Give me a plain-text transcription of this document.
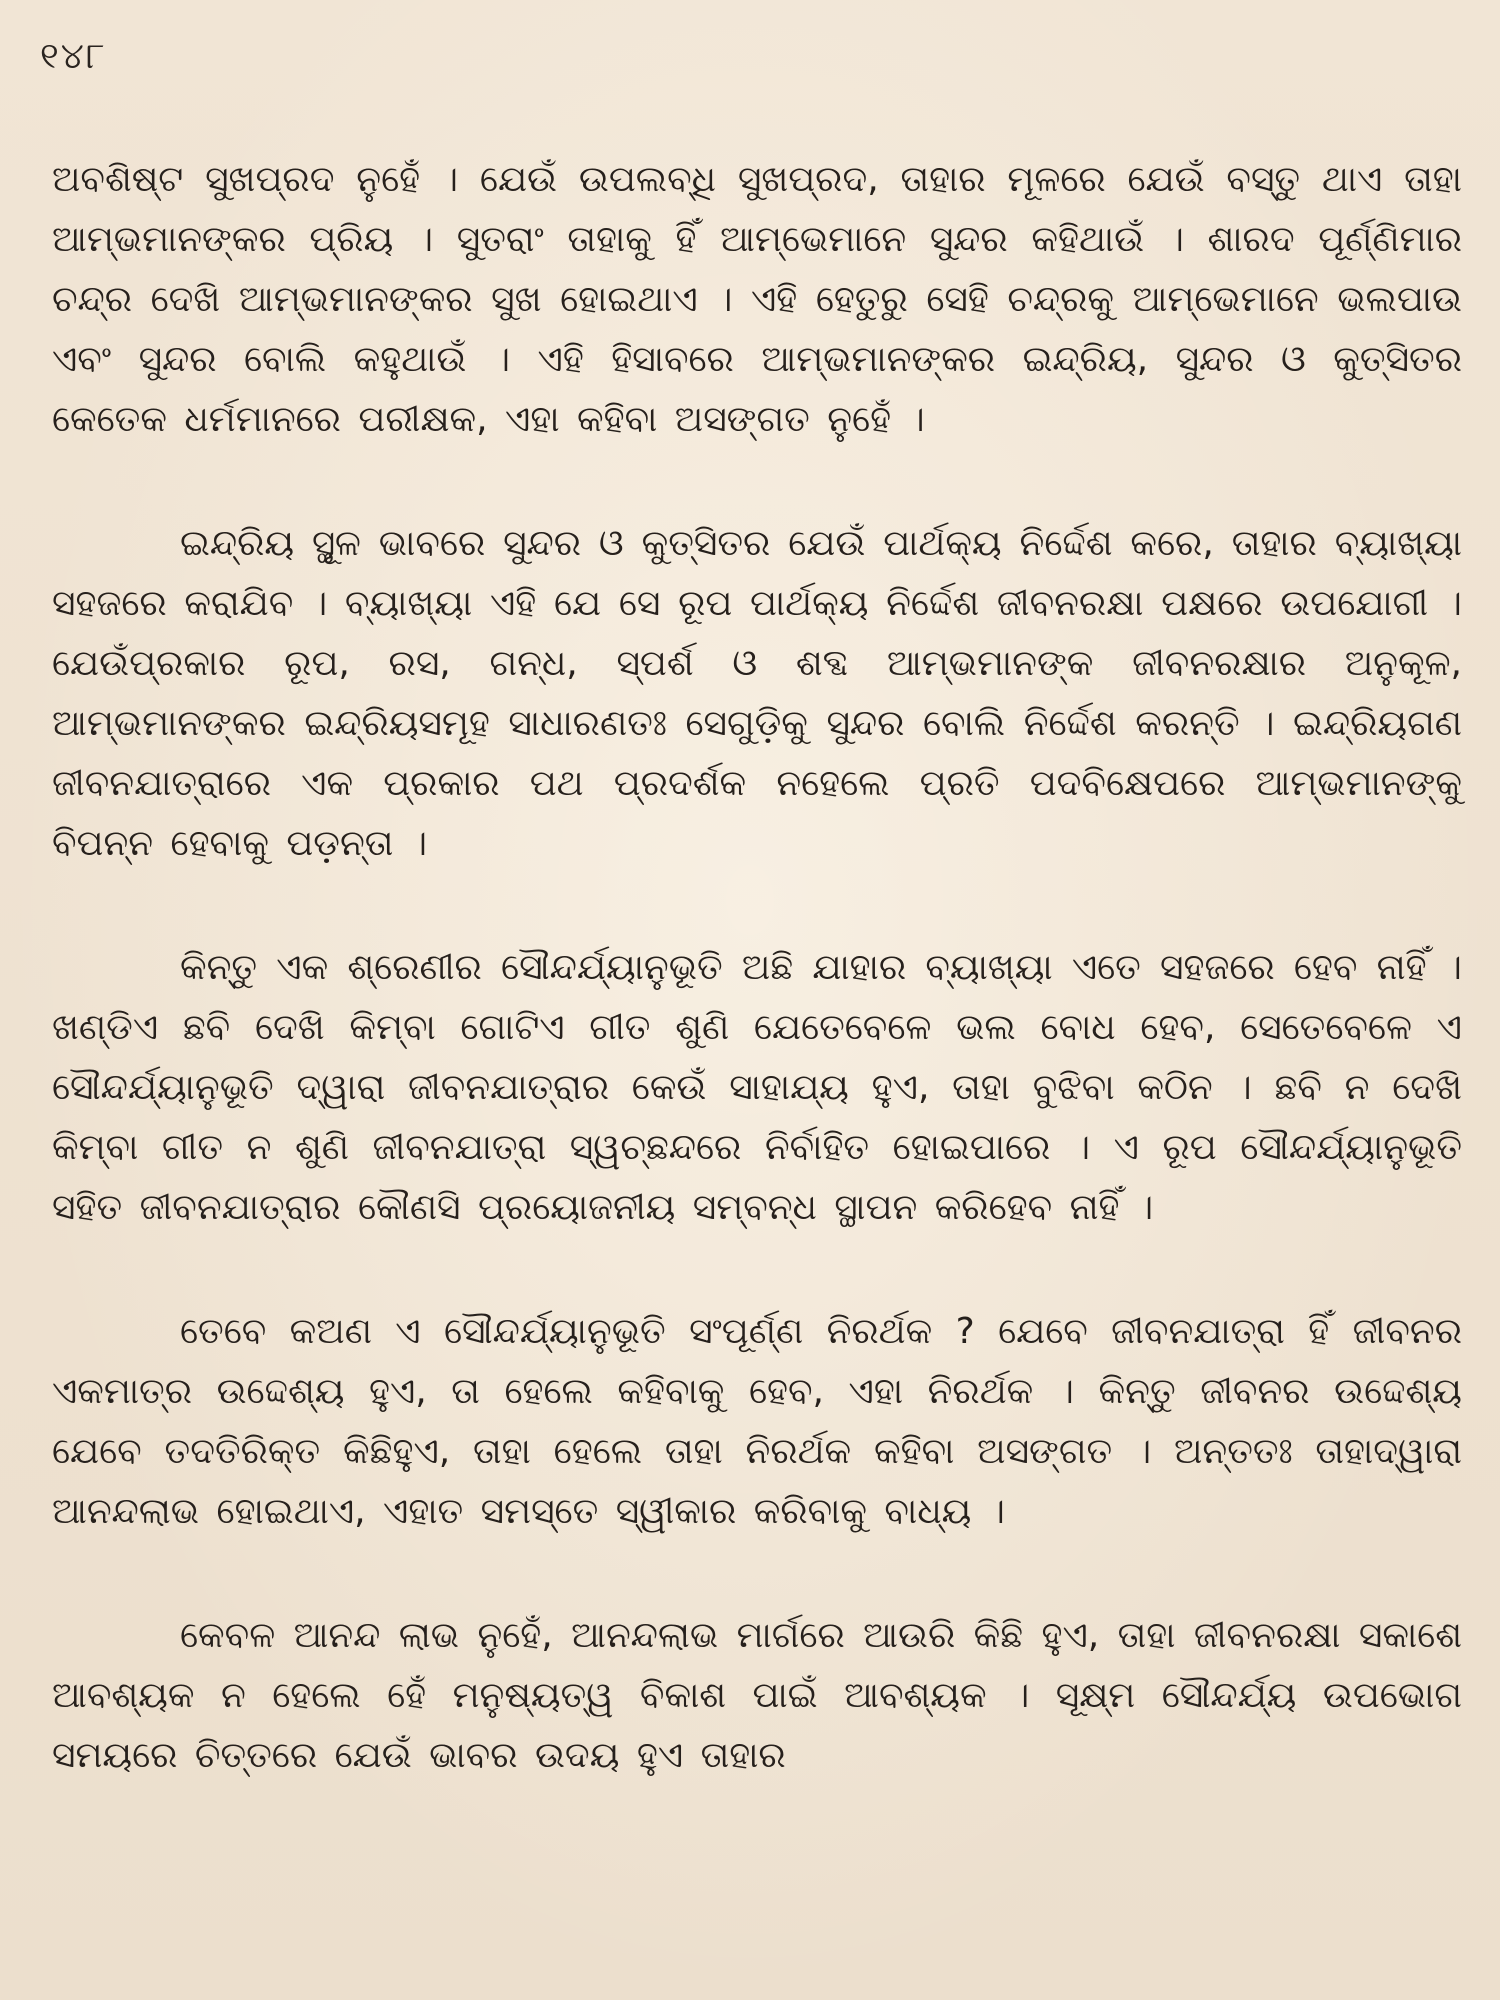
୧୪୮

ଅବଶିଷ୍ଟ ସୁଖପ୍ରଦ ନୁହେଁ । ଯେଉଁ ଉପଲବ୍ଧି ସୁଖପ୍ରଦ, ତାହାର ମୂଳରେ ଯେଉଁ ବସ୍ତୁ ଥାଏ ତାହା ଆମ୍ଭମାନଙ୍କର ପ୍ରିୟ । ସୁତରାଂ ତାହାକୁ ହିଁ ଆମ୍ଭେମାନେ ସୁନ୍ଦର କହିଥାଉଁ । ଶାରଦ ପୂର୍ଣ୍ଣିମାର ଚନ୍ଦ୍ର ଦେଖି ଆମ୍ଭମାନଙ୍କର ସୁଖ ହୋଇଥାଏ । ଏହି ହେତୁରୁ ସେହି ଚନ୍ଦ୍ରକୁ ଆମ୍ଭେମାନେ ଭଲପାଉ ଏବଂ ସୁନ୍ଦର ବୋଲି କହୁଥାଉଁ । ଏହି ହିସାବରେ ଆମ୍ଭମାନଙ୍କର ଇନ୍ଦ୍ରିୟ, ସୁନ୍ଦର ଓ କୁତ୍ସିତର କେତେକ ଧର୍ମମାନରେ ପରୀକ୍ଷକ, ଏହା କହିବା ଅସଙ୍ଗତ ନୁହେଁ ।

ଇନ୍ଦ୍ରିୟ ସ୍ଥୂଳ ଭାବରେ ସୁନ୍ଦର ଓ କୁତ୍ସିତର ଯେଉଁ ପାର୍ଥକ୍ୟ ନିର୍ଦ୍ଦେଶ କରେ, ତାହାର ବ୍ୟାଖ୍ୟା ସହଜରେ କରାଯିବ । ବ୍ୟାଖ୍ୟା ଏହି ଯେ ସେ ରୂପ ପାର୍ଥକ୍ୟ ନିର୍ଦ୍ଦେଶ ଜୀବନରକ୍ଷା ପକ୍ଷରେ ଉପଯୋଗୀ । ଯେଉଁପ୍ରକାର ରୂପ, ରସ, ଗନ୍ଧ, ସ୍ପର୍ଶ ଓ ଶବ୍ଦ ଆମ୍ଭମାନଙ୍କ ଜୀବନରକ୍ଷାର ଅନୁକୂଳ, ଆମ୍ଭମାନଙ୍କର ଇନ୍ଦ୍ରିୟସମୂହ ସାଧାରଣତଃ ସେଗୁଡ଼ିକୁ ସୁନ୍ଦର ବୋଲି ନିର୍ଦ୍ଦେଶ କରନ୍ତି । ଇନ୍ଦ୍ରିୟଗଣ ଜୀବନଯାତ୍ରାରେ ଏକ ପ୍ରକାର ପଥ ପ୍ରଦର୍ଶକ ନହେଲେ ପ୍ରତି ପଦବିକ୍ଷେପରେ ଆମ୍ଭମାନଙ୍କୁ ବିପନ୍ନ ହେବାକୁ ପଡ଼ନ୍ତା ।

କିନ୍ତୁ ଏକ ଶ୍ରେଣୀର ସୌନ୍ଦର୍ଯ୍ୟାନୁଭୂତି ଅଛି ଯାହାର ବ୍ୟାଖ୍ୟା ଏତେ ସହଜରେ ହେବ ନାହିଁ । ଖଣ୍ଡିଏ ଛବି ଦେଖି କିମ୍ବା ଗୋଟିଏ ଗୀତ ଶୁଣି ଯେତେବେଳେ ଭଲ ବୋଧ ହେବ, ସେତେବେଳେ ଏ ସୌନ୍ଦର୍ଯ୍ୟାନୁଭୂତି ଦ୍ୱାରା ଜୀବନଯାତ୍ରାର କେଉଁ ସାହାଯ୍ୟ ହୁଏ, ତାହା ବୁଝିବା କଠିନ । ଛବି ନ ଦେଖି କିମ୍ବା ଗୀତ ନ ଶୁଣି ଜୀବନଯାତ୍ରା ସ୍ୱଚ୍ଛନ୍ଦରେ ନିର୍ବାହିତ ହୋଇପାରେ । ଏ ରୂପ ସୌନ୍ଦର୍ଯ୍ୟାନୁଭୂତି ସହିତ ଜୀବନଯାତ୍ରାର କୌଣସି ପ୍ରୟୋଜନୀୟ ସମ୍ବନ୍ଧ ସ୍ଥାପନ କରିହେବ ନାହିଁ ।

ତେବେ କଅଣ ଏ ସୌନ୍ଦର୍ଯ୍ୟାନୁଭୂତି ସଂପୂର୍ଣ୍ଣ ନିରର୍ଥକ ? ଯେବେ ଜୀବନଯାତ୍ରା ହିଁ ଜୀବନର ଏକମାତ୍ର ଉଦ୍ଦେଶ୍ୟ ହୁଏ, ତା ହେଲେ କହିବାକୁ ହେବ, ଏହା ନିରର୍ଥକ । କିନ୍ତୁ ଜୀବନର ଉଦ୍ଦେଶ୍ୟ ଯେବେ ତଦତିରିକ୍ତ କିଛିହୁଏ, ତାହା ହେଲେ ତାହା ନିରର୍ଥକ କହିବା ଅସଙ୍ଗତ । ଅନ୍ତତଃ ତାହାଦ୍ୱାରା ଆନନ୍ଦଲାଭ ହୋଇଥାଏ, ଏହାତ ସମସ୍ତେ ସ୍ୱୀକାର କରିବାକୁ ବାଧ୍ୟ ।

କେବଳ ଆନନ୍ଦ ଲାଭ ନୁହେଁ, ଆନନ୍ଦଲାଭ ମାର୍ଗରେ ଆଉରି କିଛି ହୁଏ, ତାହା ଜୀବନରକ୍ଷା ସକାଶେ ଆବଶ୍ୟକ ନ ହେଲେ ହେଁ ମନୁଷ୍ୟତ୍ୱ ବିକାଶ ପାଇଁ ଆବଶ୍ୟକ । ସୂକ୍ଷ୍ମ ସୌନ୍ଦର୍ଯ୍ୟ ଉପଭୋଗ ସମୟରେ ଚିତ୍ତରେ ଯେଉଁ ଭାବର ଉଦୟ ହୁଏ ତାହାର
